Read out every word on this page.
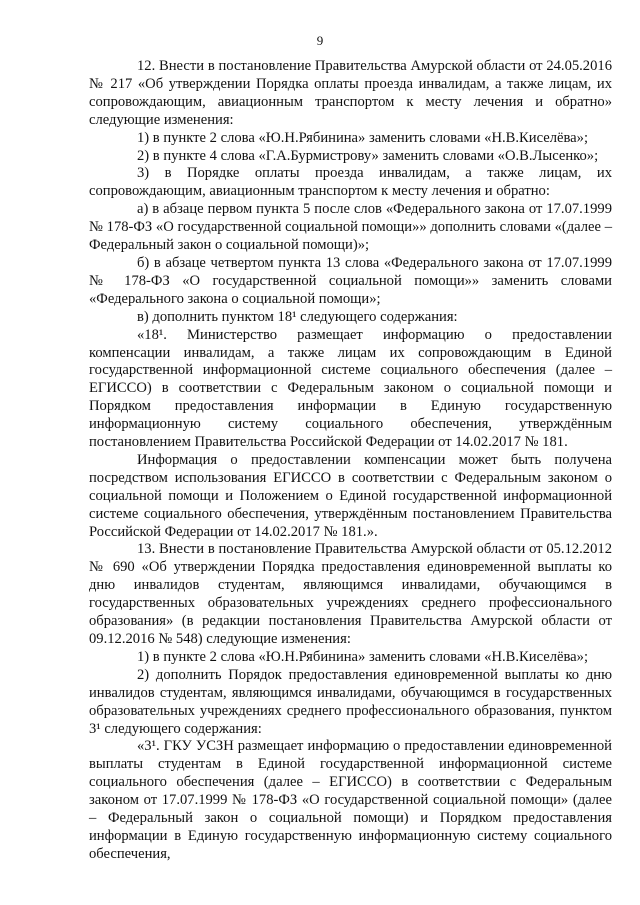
9

12. Внести в постановление Правительства Амурской области от 24.05.2016 № 217 «Об утверждении Порядка оплаты проезда инвалидам, а также лицам, их сопровождающим, авиационным транспортом к месту лечения и обратно» следующие изменения:

1) в пункте 2 слова «Ю.Н.Рябинина» заменить словами «Н.В.Киселёва»;

2) в пункте 4 слова «Г.А.Бурмистрову» заменить словами «О.В.Лысенко»;

3) в Порядке оплаты проезда инвалидам, а также лицам, их сопровождающим, авиационным транспортом к месту лечения и обратно:

а) в абзаце первом пункта 5 после слов «Федерального закона от 17.07.1999 № 178-ФЗ «О государственной социальной помощи»» дополнить словами «(далее – Федеральный закон о социальной помощи)»;

б) в абзаце четвертом пункта 13 слова «Федерального закона от 17.07.1999 № 178-ФЗ «О государственной социальной помощи»» заменить словами «Федерального закона о социальной помощи»;

в) дополнить пунктом 18¹ следующего содержания:

«18¹. Министерство размещает информацию о предоставлении компенсации инвалидам, а также лицам их сопровождающим в Единой государственной информационной системе социального обеспечения (далее – ЕГИССО) в соответствии с Федеральным законом о социальной помощи и Порядком предоставления информации в Единую государственную информационную систему социального обеспечения, утверждённым постановлением Правительства Российской Федерации от 14.02.2017 № 181.

Информация о предоставлении компенсации может быть получена посредством использования ЕГИССО в соответствии с Федеральным законом о социальной помощи и Положением о Единой государственной информационной системе социального обеспечения, утверждённым постановлением Правительства Российской Федерации от 14.02.2017 № 181.».

13. Внести в постановление Правительства Амурской области от 05.12.2012 № 690 «Об утверждении Порядка предоставления единовременной выплаты ко дню инвалидов студентам, являющимся инвалидами, обучающимся в государственных образовательных учреждениях среднего профессионального образования» (в редакции постановления Правительства Амурской области от 09.12.2016 № 548) следующие изменения:

1) в пункте 2 слова «Ю.Н.Рябинина» заменить словами «Н.В.Киселёва»;

2) дополнить Порядок предоставления единовременной выплаты ко дню инвалидов студентам, являющимся инвалидами, обучающимся в государственных образовательных учреждениях среднего профессионального образования, пунктом 3¹ следующего содержания:

«3¹. ГКУ УСЗН размещает информацию о предоставлении единовременной выплаты студентам в Единой государственной информационной системе социального обеспечения (далее – ЕГИССО) в соответствии с Федеральным законом от 17.07.1999 № 178-ФЗ «О государственной социальной помощи» (далее – Федеральный закон о социальной помощи) и Порядком предоставления информации в Единую государственную информационную систему социального обеспечения,
